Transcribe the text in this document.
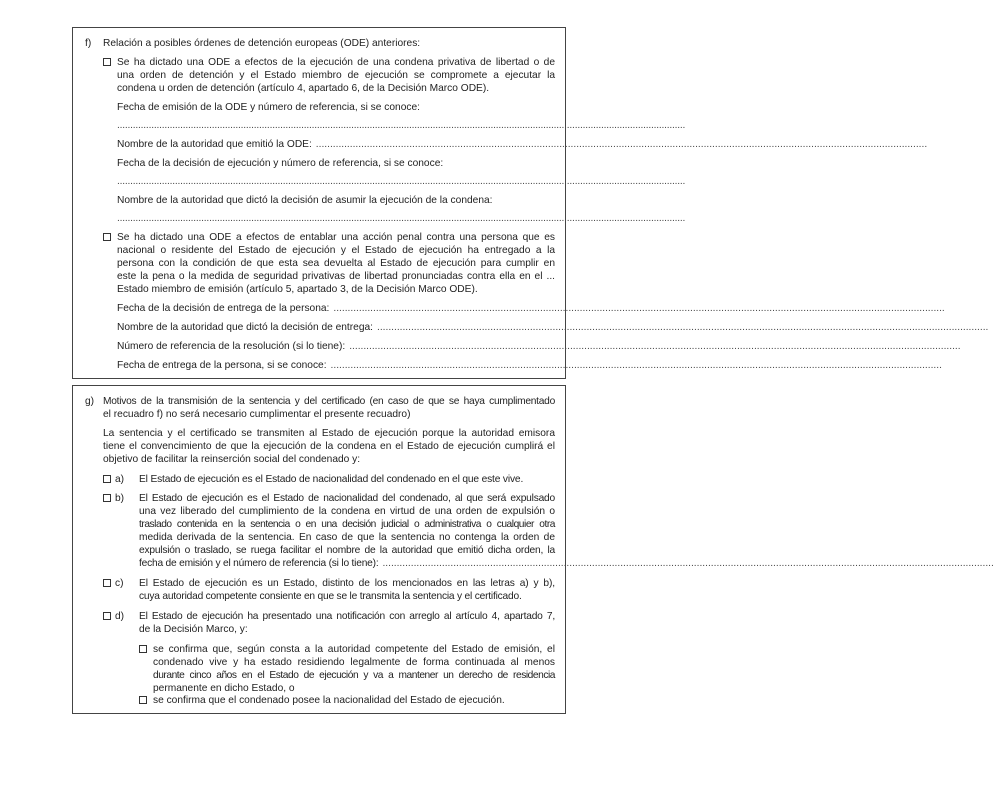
f) Relación a posibles órdenes de detención europeas (ODE) anteriores:
Se ha dictado una ODE a efectos de la ejecución de una condena privativa de libertad o de
una orden de detención y el Estado miembro de ejecución se compromete a ejecutar la
condena u orden de detención (artículo 4, apartado 6, de la Decisión Marco ODE).
Fecha de emisión de la ODE y número de referencia, si se conoce:
........................................................................................................................................................................................................................
Nombre de la autoridad que emitió la ODE: ........................................................................................................................................................................................................................
Fecha de la decisión de ejecución y número de referencia, si se conoce:
........................................................................................................................................................................................................................
Nombre de la autoridad que dictó la decisión de asumir la ejecución de la condena:
........................................................................................................................................................................................................................
Se ha dictado una ODE a efectos de entablar una acción penal contra una persona que es
nacional o residente del Estado de ejecución y el Estado de ejecución ha entregado a la
persona con la condición de que esta sea devuelta al Estado de ejecución para cumplir en
este la pena o la medida de seguridad privativas de libertad pronunciadas contra ella en el ...
Estado miembro de emisión (artículo 5, apartado 3, de la Decisión Marco ODE).
Fecha de la decisión de entrega de la persona: ........................................................................................................................................................................................................................
Nombre de la autoridad que dictó la decisión de entrega: ........................................................................................................................................................................................................................
Número de referencia de la resolución (si lo tiene): ........................................................................................................................................................................................................................
Fecha de entrega de la persona, si se conoce: ........................................................................................................................................................................................................................
g) Motivos de la transmisión de la sentencia y del certificado (en caso de que se haya cumplimentado
el recuadro f) no será necesario cumplimentar el presente recuadro)
La sentencia y el certificado se transmiten al Estado de ejecución porque la autoridad emisora
tiene el convencimiento de que la ejecución de la condena en el Estado de ejecución cumplirá el
objetivo de facilitar la reinserción social del condenado y:
a) El Estado de ejecución es el Estado de nacionalidad del condenado en el que este vive.
b) El Estado de ejecución es el Estado de nacionalidad del condenado, al que será expulsado
una vez liberado del cumplimiento de la condena en virtud de una orden de expulsión o
traslado contenida en la sentencia o en una decisión judicial o administrativa o cualquier otra
medida derivada de la sentencia. En caso de que la sentencia no contenga la orden de
expulsión o traslado, se ruega facilitar el nombre de la autoridad que emitió dicha orden, la
fecha de emisión y el número de referencia (si lo tiene): ........................................................................................................................................................................................................................
c) El Estado de ejecución es un Estado, distinto de los mencionados en las letras a) y b),
cuya autoridad competente consiente en que se le transmita la sentencia y el certificado.
d) El Estado de ejecución ha presentado una notificación con arreglo al artículo 4, apartado 7,
de la Decisión Marco, y:
se confirma que, según consta a la autoridad competente del Estado de emisión, el
condenado vive y ha estado residiendo legalmente de forma continuada al menos
durante cinco años en el Estado de ejecución y va a mantener un derecho de residencia
permanente en dicho Estado, o
se confirma que el condenado posee la nacionalidad del Estado de ejecución.
